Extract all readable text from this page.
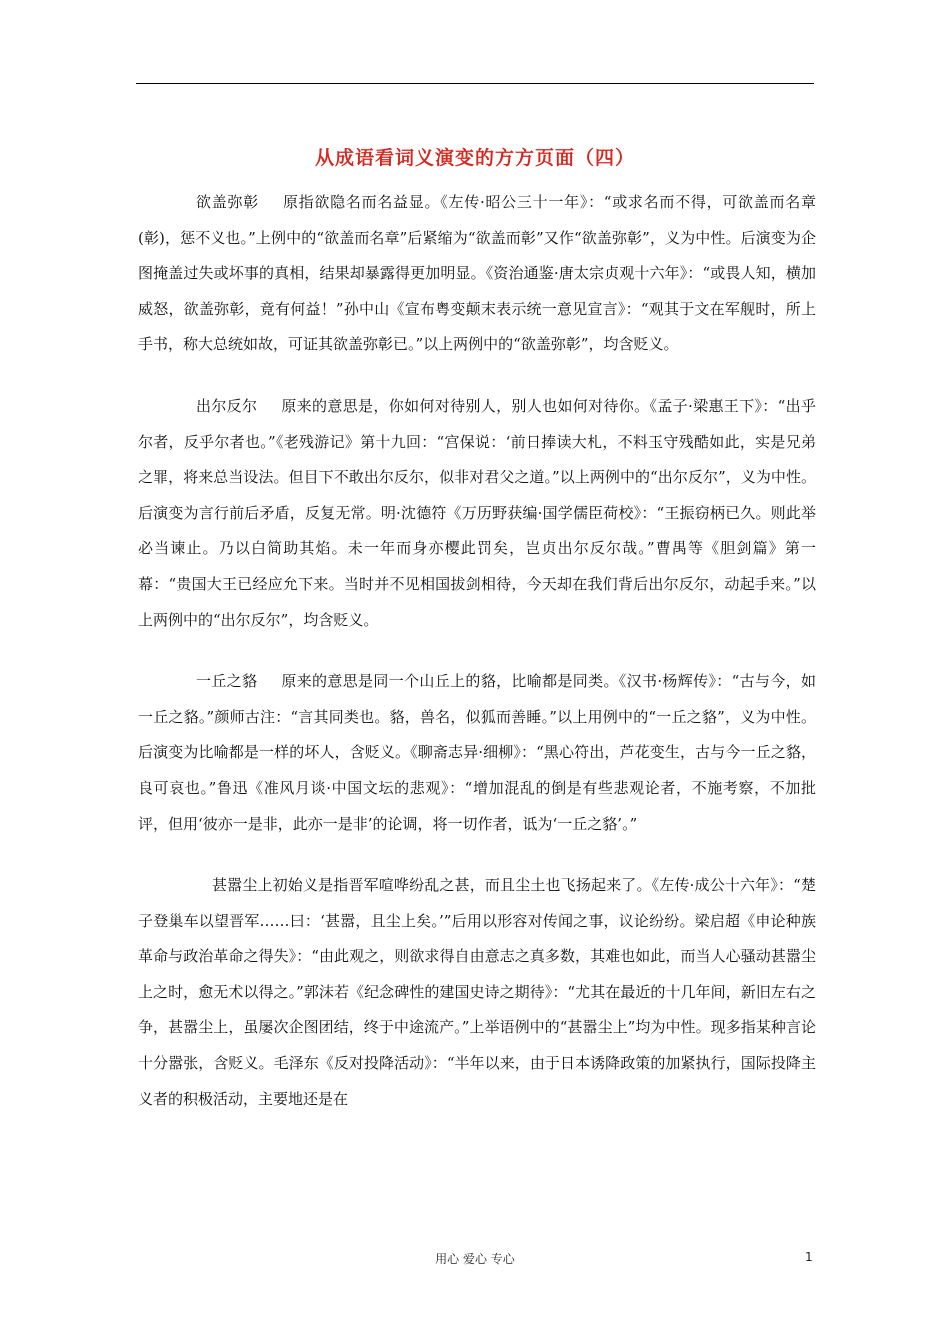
从成语看词义演变的方方页面（四）

欲盖弥彰 原指欲隐名而名益显。《左传·昭公三十一年》：“或求名而不得，可欲盖而名章(彰)，惩不义也。”上例中的“欲盖而名章”后紧缩为“欲盖而彰”又作“欲盖弥彰”，义为中性。后演变为企图掩盖过失或坏事的真相，结果却暴露得更加明显。《资治通鉴·唐太宗贞观十六年》：“或畏人知，横加威怒，欲盖弥彰，竟有何益！”孙中山《宣布粤变颠末表示统一意见宣言》：“观其于文在军舰时，所上手书，称大总统如故，可证其欲盖弥彰已。”以上两例中的“欲盖弥彰”，均含贬义。

出尔反尔 原来的意思是，你如何对待别人，别人也如何对待你。《孟子·梁惠王下》：“出乎尔者，反乎尔者也。”《老残游记》第十九回：“宫保说：‘前日捧读大札，不料玉守残酷如此，实是兄弟之罪，将来总当设法。但目下不敢出尔反尔，似非对君父之道。”以上两例中的“出尔反尔”，义为中性。后演变为言行前后矛盾，反复无常。明·沈德符《万历野获编·国学儒臣荷校》：“王振窃柄已久。则此举必当谏止。乃以白简助其焰。未一年而身亦樱此罚矣，岂贞出尔反尔哉。”曹禺等《胆剑篇》第一幕：“贵国大王已经应允下来。当时并不见相国拔剑相待，今天却在我们背后出尔反尔，动起手来。”以上两例中的“出尔反尔”，均含贬义。

一丘之貉 原来的意思是同一个山丘上的貉，比喻都是同类。《汉书·杨辉传》：“古与今，如一丘之貉。”颜师古注：“言其同类也。貉，兽名，似狐而善睡。”以上用例中的“一丘之貉”，义为中性。后演变为比喻都是一样的坏人，含贬义。《聊斋志异·细柳》：“黑心符出，芦花变生，古与今一丘之貉，良可哀也。”鲁迅《准风月谈·中国文坛的悲观》：“增加混乱的倒是有些悲观论者，不施考察，不加批评，但用‘彼亦一是非，此亦一是非’的论调，将一切作者，诋为‘一丘之貉’。”

甚嚣尘上初始义是指晋军喧哗纷乱之甚，而且尘土也飞扬起来了。《左传·成公十六年》：“楚子登巢车以望晋军……曰：‘甚嚣，且尘上矣。’”后用以形容对传闻之事，议论纷纷。梁启超《申论种族革命与政治革命之得失》：“由此观之，则欲求得自由意志之真多数，其难也如此，而当人心骚动甚嚣尘上之时，愈无术以得之。”郭沫若《纪念碑性的建国史诗之期待》：“尤其在最近的十几年间，新旧左右之争，甚嚣尘上，虽屡次企图团结，终于中途流产。”上举语例中的“甚嚣尘上”均为中性。现多指某种言论十分嚣张，含贬义。毛泽东《反对投降活动》：“半年以来，由于日本诱降政策的加紧执行，国际投降主义者的积极活动，主要地还是在

用心 爱心 专心	1
